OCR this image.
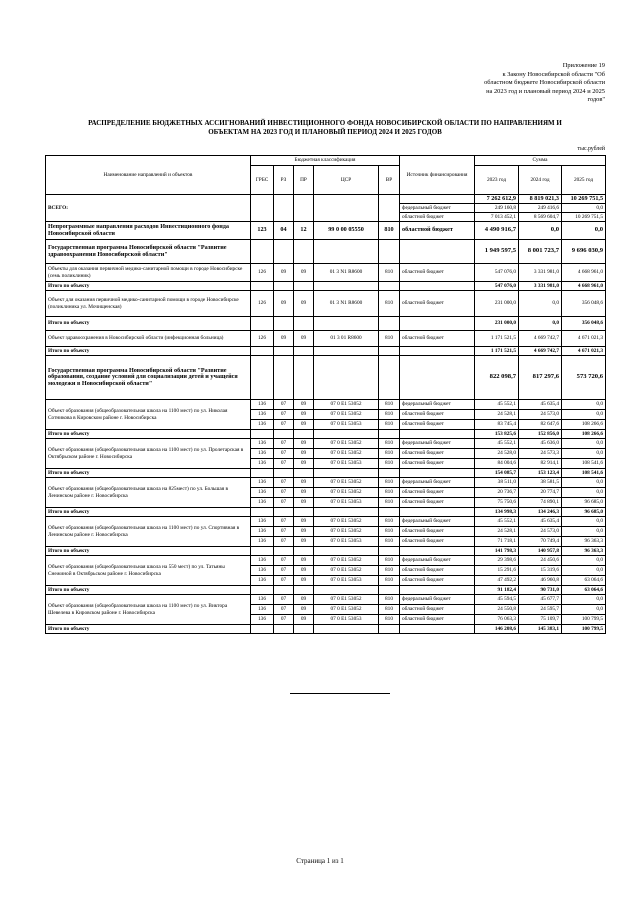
Приложение 19
к Закону Новосибирской области "Об
областном бюджете Новосибирской области
на 2023 год и плановый период 2024 и 2025
годов"
РАСПРЕДЕЛЕНИЕ БЮДЖЕТНЫХ АССИГНОВАНИЙ ИНВЕСТИЦИОННОГО ФОНДА НОВОСИБИРСКОЙ ОБЛАСТИ ПО НАПРАВЛЕНИЯМ И
ОБЪЕКТАМ НА 2023 ГОД И ПЛАНОВЫЙ ПЕРИОД 2024 И 2025 ГОДОВ
тыс.рублей
Наименование направлений и объектов	Бюджетная классификация					Источник финансирования	Сумма		
	ГРБС	РЗ	ПР	ЦСР	ВР		2023 год	2024 год	2025 год
ВСЕГО:							7 262 612,9	8 819 021,3	10 269 751,5
						федеральный бюджет	249 160,8	249 416,6	0,0
						областной бюджет	7 013 452,1	8 569 604,7	10 269 751,5
Непрограммные направления расходов Инвестиционного фонда Новосибирской области	123	04	12	99 0 00 05550	810	областной бюджет	4 490 916,7	0,0	0,0
Государственная программа Новосибирской области "Развитие здравоохранения Новосибирской области"							1 949 597,5	8 001 723,7	9 696 030,9
Объекты для оказания первичной медико-санитарной помощи в городе Новосибирске (семь поликлиник)	126	09	09	01 3 N1 R8600	810	областной бюджет	547 076,0	3 331 981,0	4 668 961,0
Итого по объекту							547 076,0	3 331 981,0	4 668 961,0
Объект для оказания первичной медико-санитарной помощи в городе Новосибирске (поликлиника ул. Мочищенская)	126	09	09	01 3 N1 R8600	810	областной бюджет	231 000,0	0,0	356 048,6
Итого по объекту							231 000,0	0,0	356 048,6
Объект здравоохранения в Новосибирской области (инфекционная больница)	126	09	09	01 3 01 R8600	810	областной бюджет	1 171 521,5	4 669 742,7	4 671 021,3
Итого по объекту							1 171 521,5	4 669 742,7	4 671 021,3
Государственная программа Новосибирской области "Развитие образования, создание условий для социализации детей и учащейся молодежи в Новосибирской области"							822 098,7	817 297,6	573 720,6
Объект образования (общеобразовательная школа на 1100 мест) по ул. Николая Сотникова в Кировском районе г. Новосибирска	136	07	09	07 0 E1 53052	810	федеральный бюджет	45 552,1	45 635,4	0,0
	136	07	09	07 0 E1 53052	810	областной бюджет	24 528,1	24 573,0	0,0
	136	07	09	07 0 E1 53053	810	областной бюджет	83 745,4	82 647,6	108 266,6
Итого по объекту							153 825,6	152 856,0	108 266,6
Объект образования (общеобразовательная школа на 1100 мест) по ул. Пролетарская в Октябрьском районе г. Новосибирска	136	07	09	07 0 E1 53052	810	федеральный бюджет	45 552,1	45 636,0	0,0
	136	07	09	07 0 E1 53052	810	областной бюджет	24 528,0	24 573,3	0,0
	136	07	09	07 0 E1 53053	810	областной бюджет	84 004,6	82 914,1	108 541,6
Итого по объекту							154 085,7	153 123,4	108 541,6
Объект образования (общеобразовательная школа на 825мест) по ул. Большая в Ленинском районе г. Новосибирска	136	07	09	07 0 E1 53052	810	федеральный бюджет	38 511,0	38 581,5	0,0
	136	07	09	07 0 E1 53052	810	областной бюджет	20 736,7	20 774,7	0,0
	136	07	09	07 0 E1 53053	810	областной бюджет	75 750,6	74 890,1	96 685,0
Итого по объекту							134 998,3	134 246,3	96 685,0
Объект образования (общеобразовательная школа на 1100 мест) по ул. Спортивная в Ленинском районе г. Новосибирска	136	07	09	07 0 E1 53052	810	федеральный бюджет	45 552,1	45 635,4	0,0
	136	07	09	07 0 E1 53052	810	областной бюджет	24 528,1	24 573,0	0,0
	136	07	09	07 0 E1 53053	810	областной бюджет	71 718,1	70 749,4	96 363,3
Итого по объекту							141 798,3	140 957,8	96 363,3
Объект образования (общеобразовательная школа на 550 мест) по ул. Татьяны Снежиной в Октябрьском районе г. Новосибирска	136	07	09	07 0 E1 53052	810	федеральный бюджет	29 398,6	24 450,6	0,0
	136	07	09	07 0 E1 53052	810	областной бюджет	15 291,6	15 319,6	0,0
	136	07	09	07 0 E1 53053	810	областной бюджет	47 492,2	46 960,8	63 064,6
Итого по объекту							91 182,4	90 731,0	63 064,6
Объект образования (общеобразовательная школа на 1100 мест) по ул. Виктора Шевелева в Кировском районе г. Новосибирска	136	07	09	07 0 E1 53052	810	федеральный бюджет	45 594,5	45 677,7	0,0
	136	07	09	07 0 E1 53052	810	областной бюджет	24 550,8	24 595,7	0,0
	136	07	09	07 0 E1 53053	810	областной бюджет	76 063,3	75 109,7	100 799,5
Итого по объекту							146 208,6	145 383,1	100 799,5
Страница 1 из 1
